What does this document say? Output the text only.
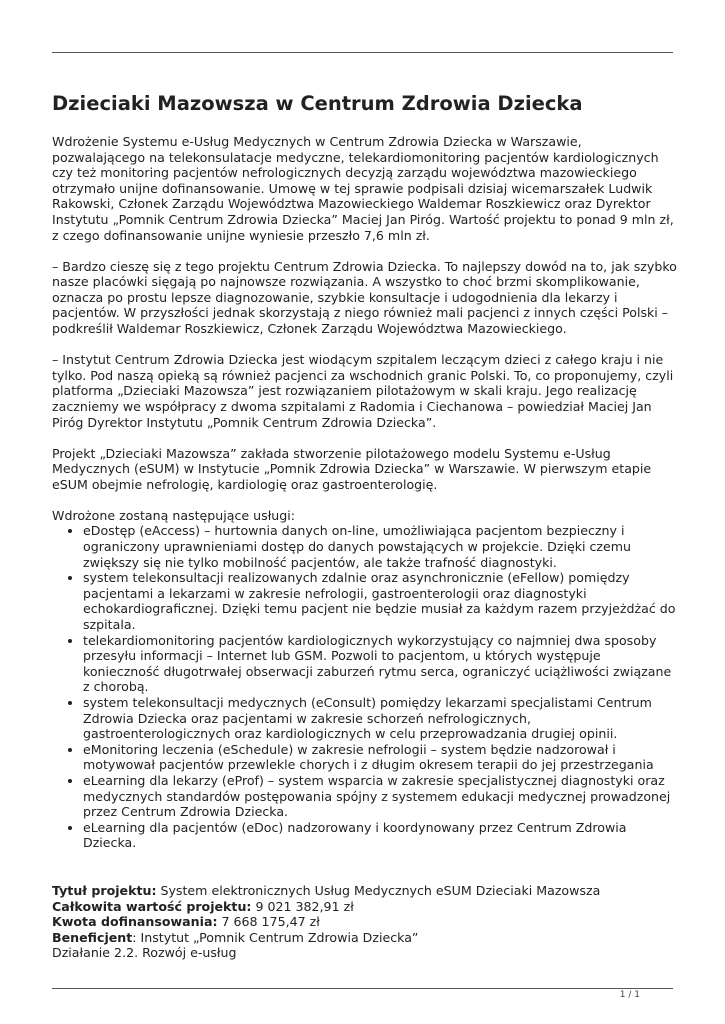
Dzieciaki Mazowsza w Centrum Zdrowia Dziecka

Wdrożenie Systemu e-Usług Medycznych w Centrum Zdrowia Dziecka w Warszawie, pozwalającego na telekonsulatacje medyczne, telekardiomonitoring pacjentów kardiologicznych czy też monitoring pacjentów nefrologicznych decyzją zarządu województwa mazowieckiego otrzymało unijne dofinansowanie. Umowę w tej sprawie podpisali dzisiaj wicemarszałek Ludwik Rakowski, Członek Zarządu Województwa Mazowieckiego Waldemar Roszkiewicz oraz Dyrektor Instytutu „Pomnik Centrum Zdrowia Dziecka” Maciej Jan Piróg. Wartość projektu to ponad 9 mln zł, z czego dofinansowanie unijne wyniesie przeszło 7,6 mln zł.

– Bardzo cieszę się z tego projektu Centrum Zdrowia Dziecka. To najlepszy dowód na to, jak szybko nasze placówki sięgają po najnowsze rozwiązania. A wszystko to choć brzmi skomplikowanie, oznacza po prostu lepsze diagnozowanie, szybkie konsultacje i udogodnienia dla lekarzy i pacjentów. W przyszłości jednak skorzystają z niego również mali pacjenci z innych części Polski – podkreślił Waldemar Roszkiewicz, Członek Zarządu Województwa Mazowieckiego.

– Instytut Centrum Zdrowia Dziecka jest wiodącym szpitalem leczącym dzieci z całego kraju i nie tylko. Pod naszą opieką są również pacjenci za wschodnich granic Polski. To, co proponujemy, czyli platforma „Dzieciaki Mazowsza” jest rozwiązaniem pilotażowym w skali kraju. Jego realizację zaczniemy we współpracy z dwoma szpitalami z Radomia i Ciechanowa – powiedział Maciej Jan Piróg Dyrektor Instytutu „Pomnik Centrum Zdrowia Dziecka”.

Projekt „Dzieciaki Mazowsza” zakłada stworzenie pilotażowego modelu Systemu e-Usług Medycznych (eSUM) w Instytucie „Pomnik Zdrowia Dziecka” w Warszawie. W pierwszym etapie eSUM obejmie nefrologię, kardiologię oraz gastroenterologię.

Wdrożone zostaną następujące usługi:

• eDostęp (eAccess) – hurtownia danych on-line, umożliwiająca pacjentom bezpieczny i ograniczony uprawnieniami dostęp do danych powstających w projekcie. Dzięki czemu zwiększy się nie tylko mobilność pacjentów, ale także trafność diagnostyki.
• system telekonsultacji realizowanych zdalnie oraz asynchronicznie (eFellow) pomiędzy pacjentami a lekarzami w zakresie nefrologii, gastroenterologii oraz diagnostyki echokardiograficznej. Dzięki temu pacjent nie będzie musiał za każdym razem przyjeżdżać do szpitala.
• telekardiomonitoring pacjentów kardiologicznych wykorzystujący co najmniej dwa sposoby przesyłu informacji – Internet lub GSM. Pozwoli to pacjentom, u których występuje konieczność długotrwałej obserwacji zaburzeń rytmu serca, ograniczyć uciążliwości związane z chorobą.
• system telekonsultacji medycznych (eConsult) pomiędzy lekarzami specjalistami Centrum Zdrowia Dziecka oraz pacjentami w zakresie schorzeń nefrologicznych, gastroenterologicznych oraz kardiologicznych w celu przeprowadzania drugiej opinii.
• eMonitoring leczenia (eSchedule) w zakresie nefrologii – system będzie nadzorował i motywował pacjentów przewlekle chorych i z długim okresem terapii do jej przestrzegania
• eLearning dla lekarzy (eProf) – system wsparcia w zakresie specjalistycznej diagnostyki oraz medycznych standardów postępowania spójny z systemem edukacji medycznej prowadzonej przez Centrum Zdrowia Dziecka.
• eLearning dla pacjentów (eDoc) nadzorowany i koordynowany przez Centrum Zdrowia Dziecka.
Tytuł projektu: System elektronicznych Usług Medycznych eSUM Dzieciaki Mazowsza
Całkowita wartość projektu: 9 021 382,91 zł
Kwota dofinansowania: 7 668 175,47 zł
Beneficjent: Instytut „Pomnik Centrum Zdrowia Dziecka”
Działanie 2.2. Rozwój e-usług
1 / 1
